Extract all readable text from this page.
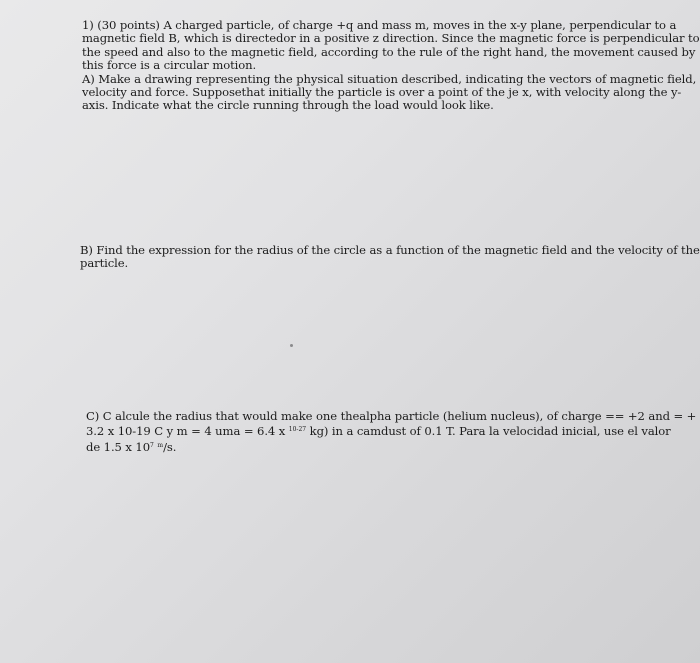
1) (30 points) A charged particle, of charge +q and mass m, moves in the x-y plane, perpendicular to a
magnetic field B, which is directedor in a positive z direction. Since the magnetic force is perpendicular to
the speed and also to the magnetic field, according to the rule of the right hand, the movement caused by
this force is a circular motion.
A) Make a drawing representing the physical situation described, indicating the vectors of magnetic field,
velocity and force. Supposethat initially the particle is over a point of the je x, with velocity along the y-
axis. Indicate what the circle running through the load would look like.
B) Find the expression for the radius of the circle as a function of the magnetic field and the velocity of the
particle.
C) C alcule the radius that would make one thealpha particle (helium nucleus), of charge == +2 and = +
3.2 x 10-19 C y m = 4 uma = 6.4 x $^{10-27}$ kg) in a camdust of 0.1 T. Para la velocidad inicial, use el valor
de 1.5 x $10^7$ $^m$/s.
